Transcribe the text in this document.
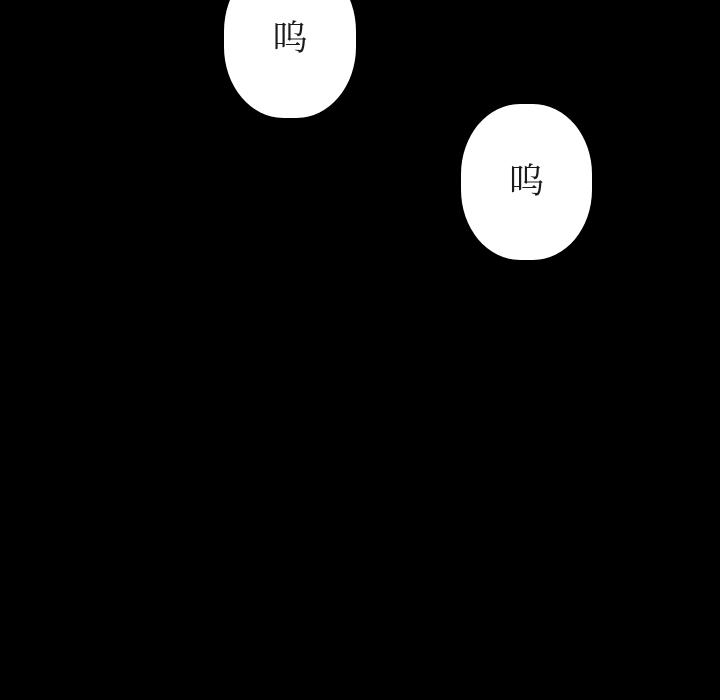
呜
呜
